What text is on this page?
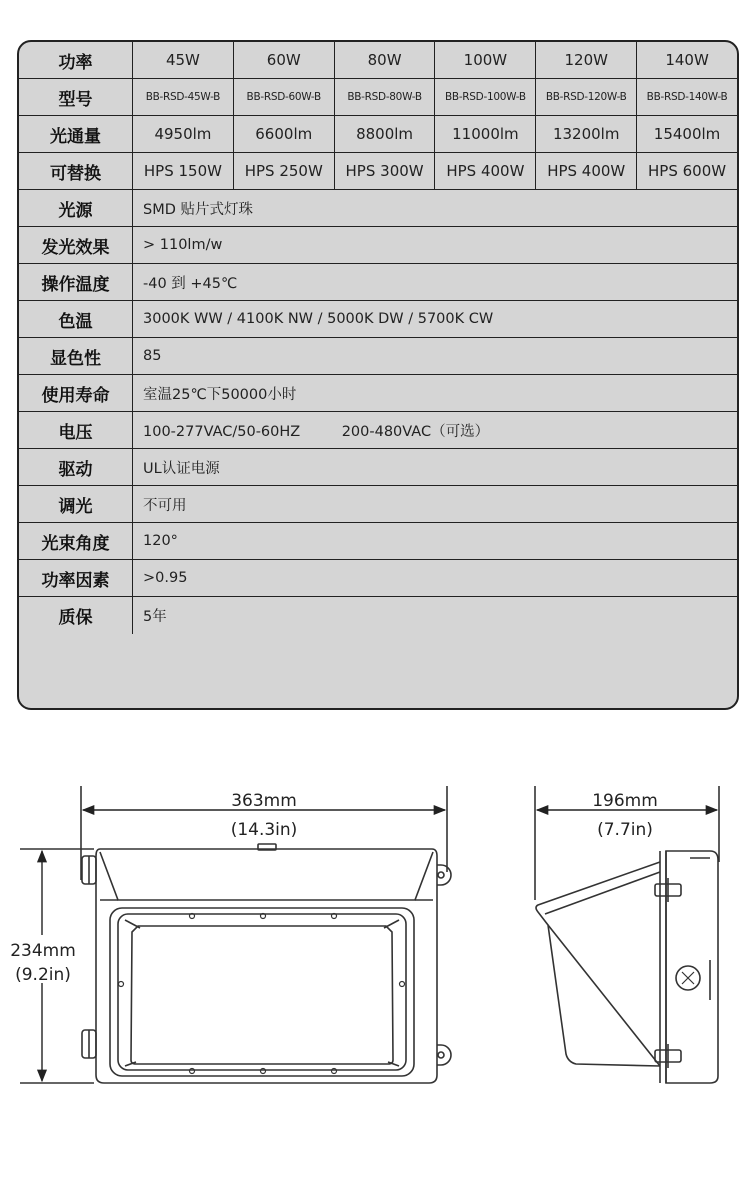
功率	45W	60W	80W	100W	120W	140W
型号	BB-RSD-45W-B	BB-RSD-60W-B	BB-RSD-80W-B	BB-RSD-100W-B	BB-RSD-120W-B	BB-RSD-140W-B
光通量	4950lm	6600lm	8800lm	11000lm	13200lm	15400lm
可替换	HPS 150W	HPS 250W	HPS 300W	HPS 400W	HPS 400W	HPS 600W
光源	SMD 贴片式灯珠
发光效果	> 110lm/w
操作温度	-40 到 +45℃
色温	3000K WW / 4100K NW / 5000K DW / 5700K CW
显色性	85
使用寿命	室温25℃下50000小时
电压	100-277VAC/50-60HZ         200-480VAC（可选）
驱动	UL认证电源
调光	不可用
光束角度	120°
功率因素	>0.95
质保	5年
363mm
(14.3in)
234mm
(9.2in)
196mm
(7.7in)
